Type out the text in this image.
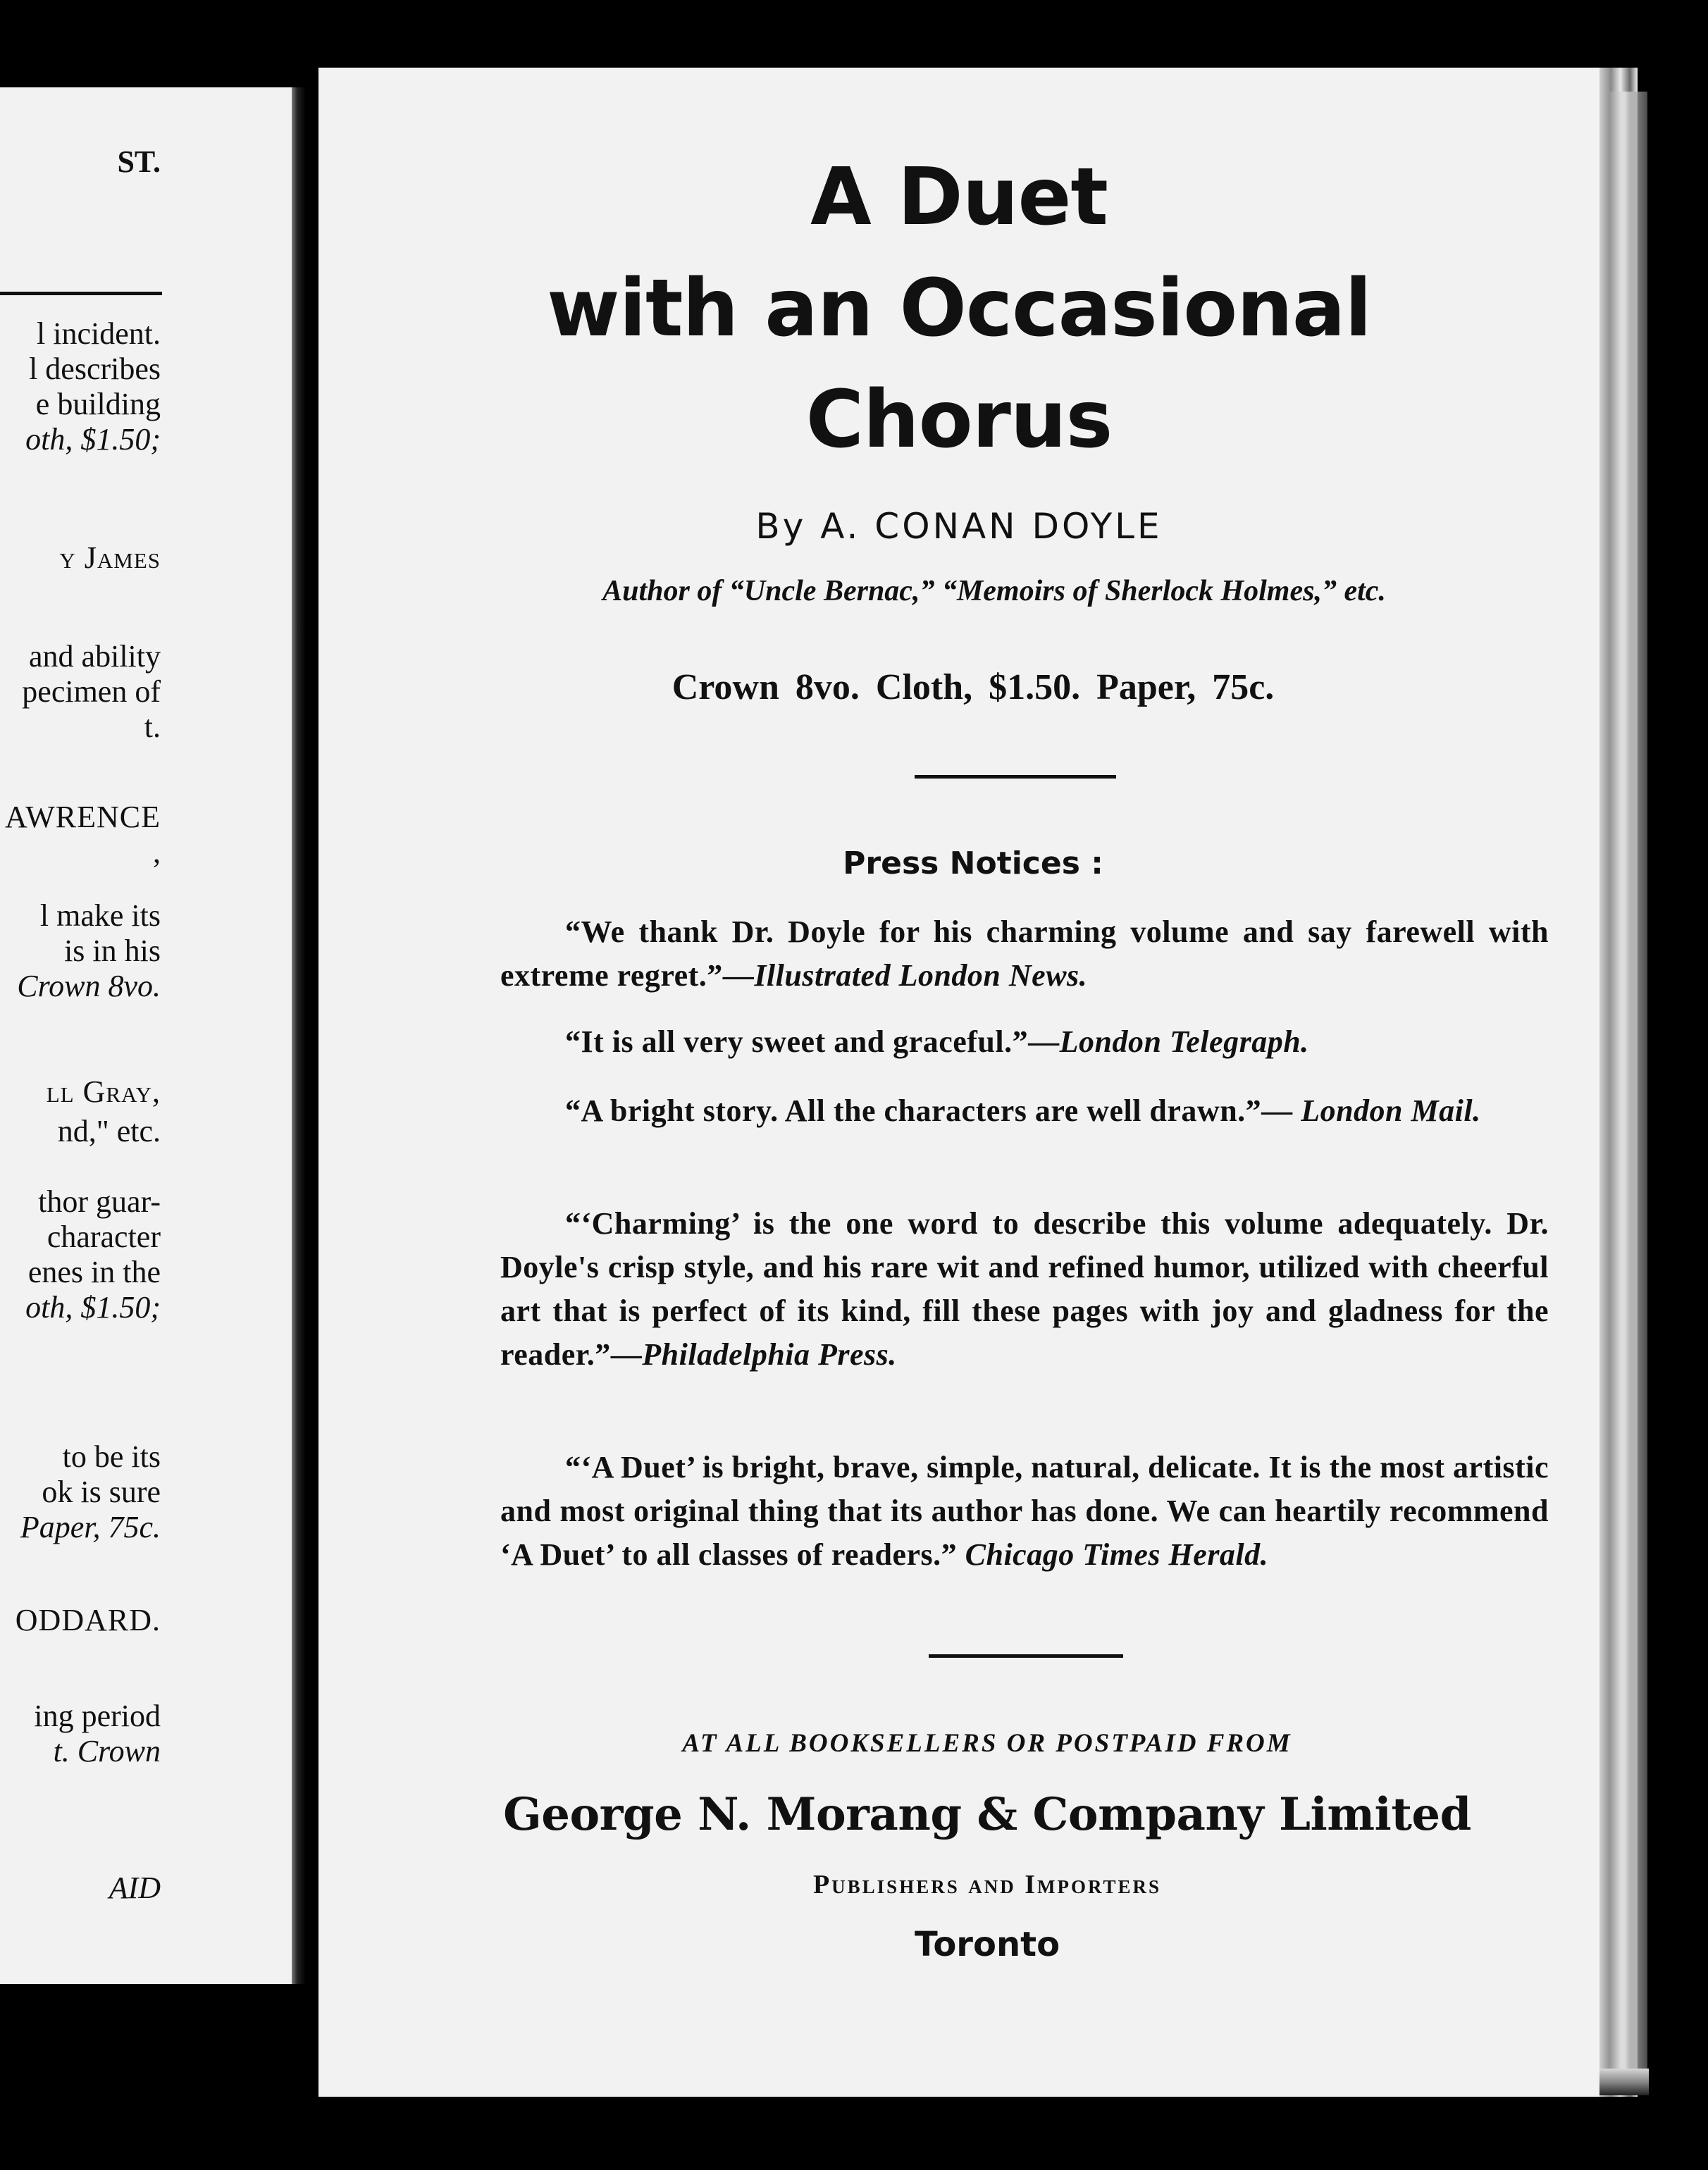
ST.

l incident.

l describes

e building

oth, $1.50;

y James

and ability

pecimen of

t.

AWRENCE

,

l make its

is in his

Crown 8vo.

ll Gray,

nd," etc.

thor guar-

character

enes in the

oth, $1.50;

to be its

ok is sure

Paper, 75c.

ODDARD.

ing period

t. Crown

AID

A Duet

with an Occasional

Chorus

By A. CONAN DOYLE

Author of “Uncle Bernac,” “Memoirs of Sherlock Holmes,” etc.

Crown 8vo. Cloth, $1.50. Paper, 75c.

Press Notices :

“We thank Dr. Doyle for his charming volume and say farewell with extreme regret.”—Illustrated London News.

“It is all very sweet and graceful.”—London Telegraph.

“A bright story. All the characters are well drawn.”— London Mail.

“‘Charming’ is the one word to describe this volume adequately. Dr. Doyle's crisp style, and his rare wit and refined humor, utilized with cheerful art that is perfect of its kind, fill these pages with joy and gladness for the reader.”—Philadelphia Press.

“‘A Duet’ is bright, brave, simple, natural, delicate. It is the most artistic and most original thing that its author has done. We can heartily recommend ‘A Duet’ to all classes of readers.” Chicago Times Herald.

AT ALL BOOKSELLERS OR POSTPAID FROM

George N. Morang & Company Limited

Publishers and Importers

Toronto
